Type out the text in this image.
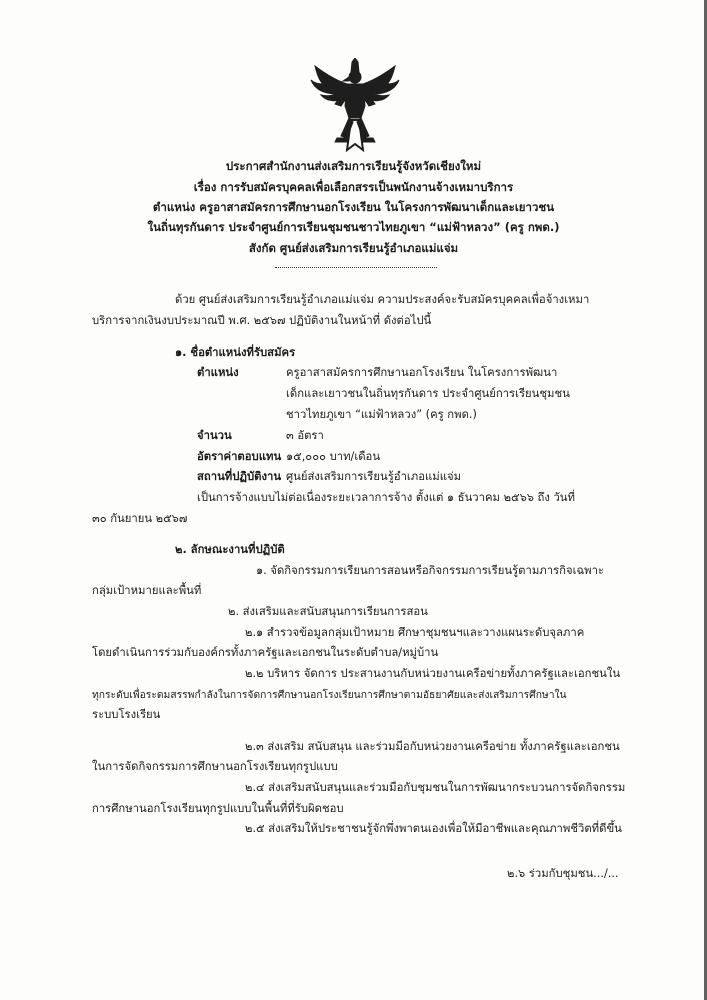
ประกาศสำนักงานส่งเสริมการเรียนรู้จังหวัดเชียงใหม่
เรื่อง การรับสมัครบุคคลเพื่อเลือกสรรเป็นพนักงานจ้างเหมาบริการ
ตำแหน่ง ครูอาสาสมัครการศึกษานอกโรงเรียน ในโครงการพัฒนาเด็กและเยาวชน
ในถิ่นทุรกันดาร ประจำศูนย์การเรียนชุมชนชาวไทยภูเขา “แม่ฟ้าหลวง” (ครู กพด.)
สังกัด ศูนย์ส่งเสริมการเรียนรู้อำเภอแม่แจ่ม
ด้วย ศูนย์ส่งเสริมการเรียนรู้อำเภอแม่แจ่ม ความประสงค์จะรับสมัครบุคคลเพื่อจ้างเหมา
บริการจากเงินงบประมาณปี พ.ศ. ๒๕๖๗ ปฏิบัติงานในหน้าที่ ดังต่อไปนี้
๑. ชื่อตำแหน่งที่รับสมัคร
ตำแหน่ง	ครูอาสาสมัครการศึกษานอกโรงเรียน ในโครงการพัฒนา
เด็กและเยาวชนในถิ่นทุรกันดาร ประจำศูนย์การเรียนชุมชน
ชาวไทยภูเขา “แม่ฟ้าหลวง” (ครู กพด.)
จำนวน	๓ อัตรา
อัตราค่าตอบแทน ๑๕,๐๐๐ บาท/เดือน
สถานที่ปฏิบัติงาน ศูนย์ส่งเสริมการเรียนรู้อำเภอแม่แจ่ม
เป็นการจ้างแบบไม่ต่อเนื่องระยะเวลาการจ้าง ตั้งแต่ ๑ ธันวาคม ๒๕๖๖ ถึง วันที่
๓๐ กันยายน ๒๕๖๗
๒. ลักษณะงานที่ปฏิบัติ
๑. จัดกิจกรรมการเรียนการสอนหรือกิจกรรมการเรียนรู้ตามภารกิจเฉพาะ
กลุ่มเป้าหมายและพื้นที่
๒. ส่งเสริมและสนับสนุนการเรียนการสอน
๒.๑ สำรวจข้อมูลกลุ่มเป้าหมาย ศึกษาชุมชนฯและวางแผนระดับจุลภาค
โดยดำเนินการร่วมกับองค์กรทั้งภาครัฐและเอกชนในระดับตำบล/หมู่บ้าน
๒.๒ บริหาร จัดการ ประสานงานกับหน่วยงานเครือข่ายทั้งภาครัฐและเอกชนใน
ทุกระดับเพื่อระดมสรรพกำลังในการจัดการศึกษานอกโรงเรียนการศึกษาตามอัธยาศัยและส่งเสริมการศึกษาใน
ระบบโรงเรียน
๒.๓ ส่งเสริม สนับสนุน และร่วมมือกับหน่วยงานเครือข่าย ทั้งภาครัฐและเอกชน
ในการจัดกิจกรรมการศึกษานอกโรงเรียนทุกรูปแบบ
๒.๔ ส่งเสริมสนับสนุนและร่วมมือกับชุมชนในการพัฒนากระบวนการจัดกิจกรรม
การศึกษานอกโรงเรียนทุกรูปแบบในพื้นที่ที่รับผิดชอบ
๒.๕ ส่งเสริมให้ประชาชนรู้จักพึ่งพาตนเองเพื่อให้มีอาชีพและคุณภาพชีวิตที่ดีขึ้น
๒.๖ ร่วมกับชุมชน.../...
